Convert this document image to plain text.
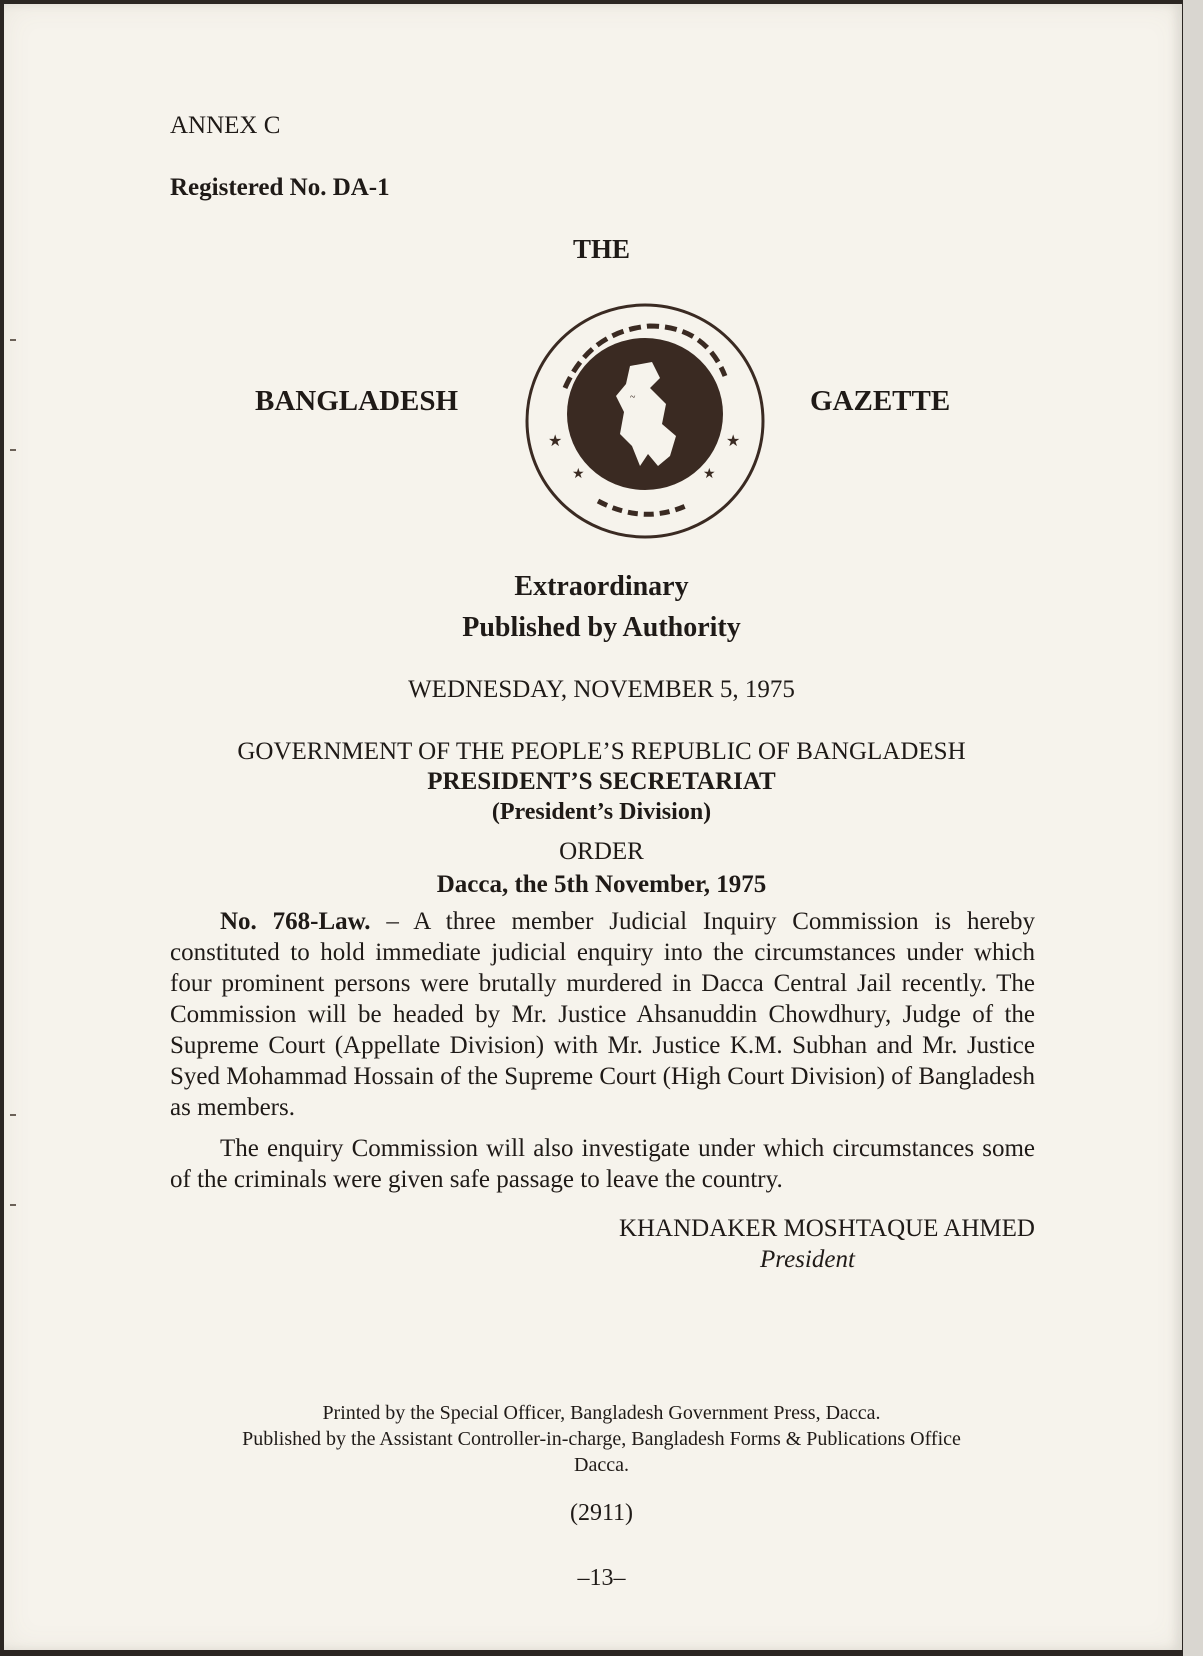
ANNEX C
Registered No. DA-1
THE
BANGLADESH	GAZETTE
~
★	★
★	★
Extraordinary
Published by Authority
WEDNESDAY, NOVEMBER 5, 1975
GOVERNMENT OF THE PEOPLE’S REPUBLIC OF BANGLADESH
PRESIDENT’S SECRETARIAT
(President’s Division)
ORDER
Dacca, the 5th November, 1975

No. 768-Law. – A three member Judicial Inquiry Commission is hereby constituted to hold immediate judicial enquiry into the circumstances under which four prominent persons were brutally murdered in Dacca Central Jail recently. The Commission will be headed by Mr. Justice Ahsanuddin Chowdhury, Judge of the Supreme Court (Appellate Division) with Mr. Justice K.M. Subhan and Mr. Justice Syed Mohammad Hossain of the Supreme Court (High Court Division) of Bangladesh as members.

The enquiry Commission will also investigate under which circumstances some of the criminals were given safe passage to leave the country.

KHANDAKER MOSHTAQUE AHMED
President
Printed by the Special Officer, Bangladesh Government Press, Dacca.
Published by the Assistant Controller-in-charge, Bangladesh Forms & Publications Office
Dacca.
(2911)
–13–
